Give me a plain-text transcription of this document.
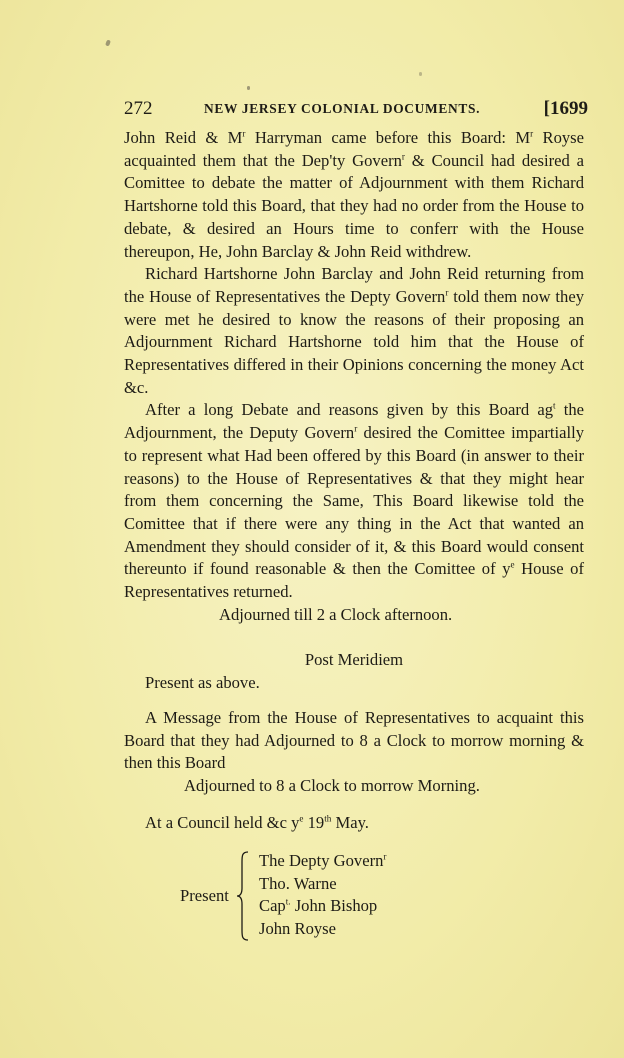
272	NEW JERSEY COLONIAL DOCUMENTS.	[1699

John Reid & $M^r$ Harryman came before this Board: $M^r$ Royse acquainted them that the Dep'ty Govern$^r$ & Council had desired a Comittee to debate the matter of Adjournment with them Richard Hartshorne told this Board, that they had no order from the House to debate, & desired an Hours time to conferr with the House thereupon, He, John Barclay & John Reid withdrew.

Richard Hartshorne John Barclay and John Reid returning from the House of Representatives the Depty Govern$^r$ told them now they were met he desired to know the reasons of their proposing an Adjournment Richard Hartshorne told him that the House of Representatives differed in their Opinions concerning the money Act &c.

After a long Debate and reasons given by this Board $ag^t$ the Adjournment, the Deputy Govern$^r$ desired the Comittee impartially to represent what Had been offered by this Board (in answer to their reasons) to the House of Representatives & that they might hear from them concerning the Same, This Board likewise told the Comittee that if there were any thing in the Act that wanted an Amendment they should consider of it, & this Board would consent thereunto if found reasonable & then the Comittee of $y^e$ House of Representatives returned.

Adjourned till 2 a Clock afternoon.

Post Meridiem

Present as above.

A Message from the House of Representatives to acquaint this Board that they had Adjourned to 8 a Clock to morrow morning & then this Board

Adjourned to 8 a Clock to morrow Morning.

At a Council held &c $y^e$ 19th May.

Present
The Depty Govern$^r$
Tho. Warne
Cap$^{t.}$ John Bishop
John Royse
